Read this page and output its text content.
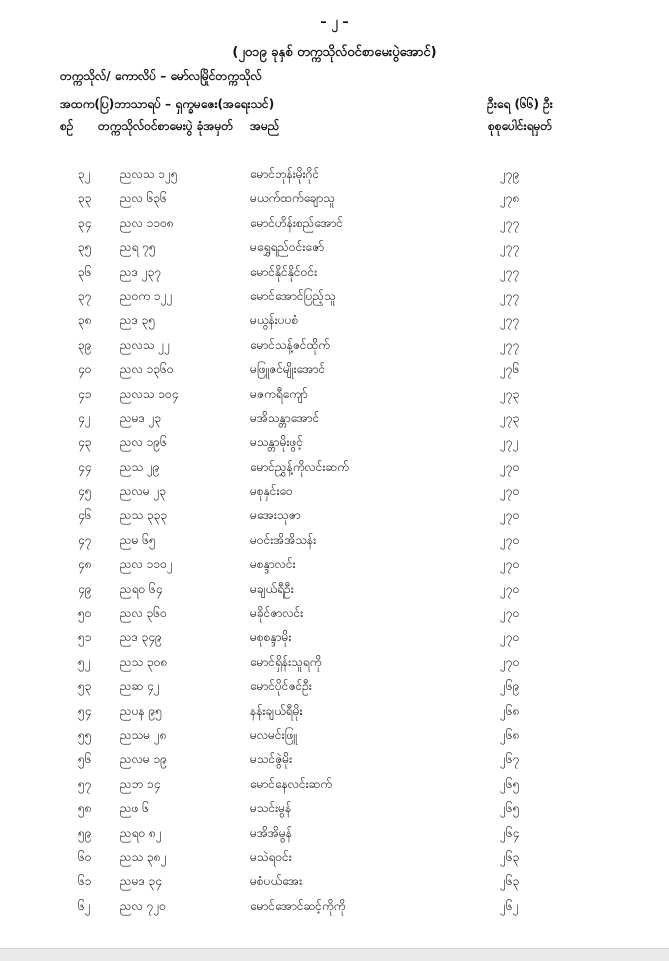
– ၂ –
(၂၀၁၉ ခုနှစ် တက္ကသိုလ်ဝင်စာမေးပွဲအောင်)
တက္ကသိုလ်/ ကောလိပ် – မော်လမြိုင်တက္ကသိုလ်
အထက(ပြ)ဘာသာရပ် – ရှက္ခမဇေး(အရေးသင်)	ဦးရေ (၆၆) ဦး
စဉ် တက္ကသိုလ်ဝင်စာမေးပွဲ ခုံအမှတ်	အမည်	စုစုပေါင်းရမှတ်
၃၂ ညလသ ၁၂၅	မောင်ဘုန်းမိုးဂိုင်	၂၇၉
၃၃ ညလ ၆၃၆	မယက်ထက်ချောသူ	၂၇၈
၃၄ ညလ ၁၁၀၈	မောင်ဟိန်းစည်အောင်	၂၇၇
၃၅ ညရ ၇၅	မရွှေရည်ဝင်းဇော်	၂၇၇
၃၆ ညဒ ၂၃၇	မောင်နိုင်နိုင်ဝင်း	၂၇၇
၃၇ ညဝက ၁၂၂	မောင်အောင်ပြည့်သူ	၂၇၇
၃၈ ညဒ ၃၅	မယွန်းပပစံ	၂၇၇
၃၉ ညလသ ၂၂	မောင်သန့်ဇင်ထိုက်	၂၇၇
၄၀ ညလ ၁၃၆၀	မဖြူဇင်မျိုးအောင်	၂၇၆
၄၁ ညလသ ၁၀၄	မဇကရီကျော်	၂၇၃
၄၂ ညမဒ ၂၃	မအိသန္တာအောင်	၂၇၃
၄၃ ညလ ၁၉၆	မသန္တာမိုးဖွင့်	၂၇၂
၄၄ ညသ ၂၉	မောင်ညွှန့်ကိုလင်းဆက်	၂၇၀
၄၅ ညလမ ၂၃	မစုနှင်းဝေ	၂၇၀
၄၆ ညသ ၃၃၃	မအေးသုဇာ	၂၇၀
၄၇ ညမ ၆၅	မဝင်းအိအိသန်း	၂၇၀
၄၈ ညလ ၁၁၀၂	မစန္ဒာလင်း	၂၇၀
၄၉ ညရ၀ ၆၄	မချယ်ရီဦး	၂၇၀
၅၀ ညလ ၃၆၀	မခိုင်ဇာလင်း	၂၇၀
၅၁ ညဒ ၃၄၉	မစုစန္ဒာမိုး	၂၇၀
၅၂ ညသ ၃၀၈	မောင်ရှိန်းသူရကို	၂၇၀
၅၃ ညဆ ၄၂	မောင်ပိုင်ဇင်ဦး	၂၆၉
၅၄ ညပန ၉၅	နန်းချယ်ရီမိုး	၂၆၈
၅၅ ညသမ ၂၈	မလမင်းဖြူ	၂၆၈
၅၆ ညလမ ၁၉	မသင်ဇွဲမိုး	၂၆၇
၅၇ ညဘ ၁၄	မောင်နေလင်းဆက်	၂၆၅
၅၈ ညဖ ၆	မသင်းမွန်	၂၆၅
၅၉ ညရ၀ ၈၂	မအိအိမွန်	၂၆၄
၆၀ ညသ ၃၈၂	မသဲရဝင်း	၂၆၃
၆၁ ညမဒ ၃၄	မစံပယ်အေး	၂၆၃
၆၂ ညလ ၇၂၀	မောင်အောင်ဆင့်ကိုကို	၂၆၂
